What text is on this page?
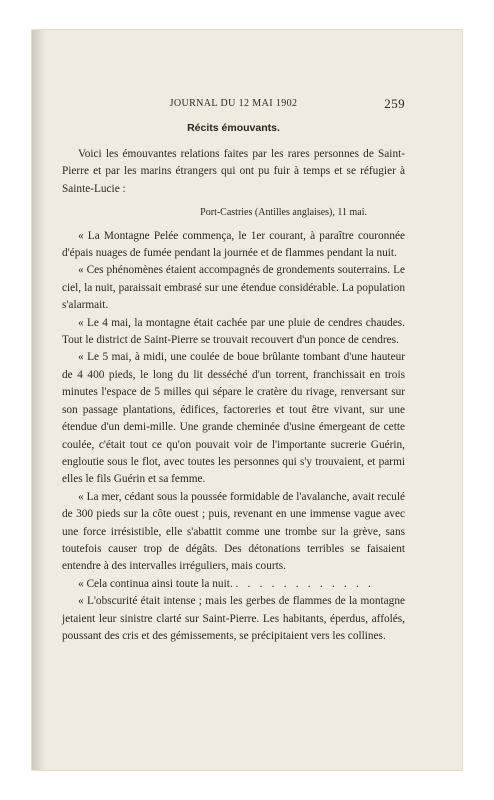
JOURNAL DU 12 MAI 1902	259
Récits émouvants.

Voici les émouvantes relations faites par les rares personnes de Saint-Pierre et par les marins étrangers qui ont pu fuir à temps et se réfugier à Sainte-Lucie :

Port-Castries (Antilles anglaises), 11 mai.

« La Montagne Pelée commença, le 1er courant, à paraître couronnée d'épais nuages de fumée pendant la journée et de flammes pendant la nuit.

« Ces phénomènes étaient accompagnés de grondements souterrains. Le ciel, la nuit, paraissait embrasé sur une étendue considérable. La population s'alarmait.

« Le 4 mai, la montagne était cachée par une pluie de cendres chaudes. Tout le district de Saint-Pierre se trouvait recouvert d'un ponce de cendres.

« Le 5 mai, à midi, une coulée de boue brûlante tombant d'une hauteur de 4 400 pieds, le long du lit desséché d'un torrent, franchissait en trois minutes l'espace de 5 milles qui sépare le cratère du rivage, renversant sur son passage plantations, édifices, factoreries et tout être vivant, sur une étendue d'un demi-mille. Une grande cheminée d'usine émergeant de cette coulée, c'était tout ce qu'on pouvait voir de l'importante sucrerie Guérin, engloutie sous le flot, avec toutes les personnes qui s'y trouvaient, et parmi elles le fils Guérin et sa femme.

« La mer, cédant sous la poussée formidable de l'avalanche, avait reculé de 300 pieds sur la côte ouest ; puis, revenant en une immense vague avec une force irrésistible, elle s'abattit comme une trombe sur la grève, sans toutefois causer trop de dégâts. Des détonations terribles se faisaient entendre à des intervalles irréguliers, mais courts.

« Cela continua ainsi toute la nuit. . . . . . . . . . . . .

« L'obscurité était intense ; mais les gerbes de flammes de la montagne jetaient leur sinistre clarté sur Saint-Pierre. Les habitants, éperdus, affolés, poussant des cris et des gémissements, se précipitaient vers les collines.
